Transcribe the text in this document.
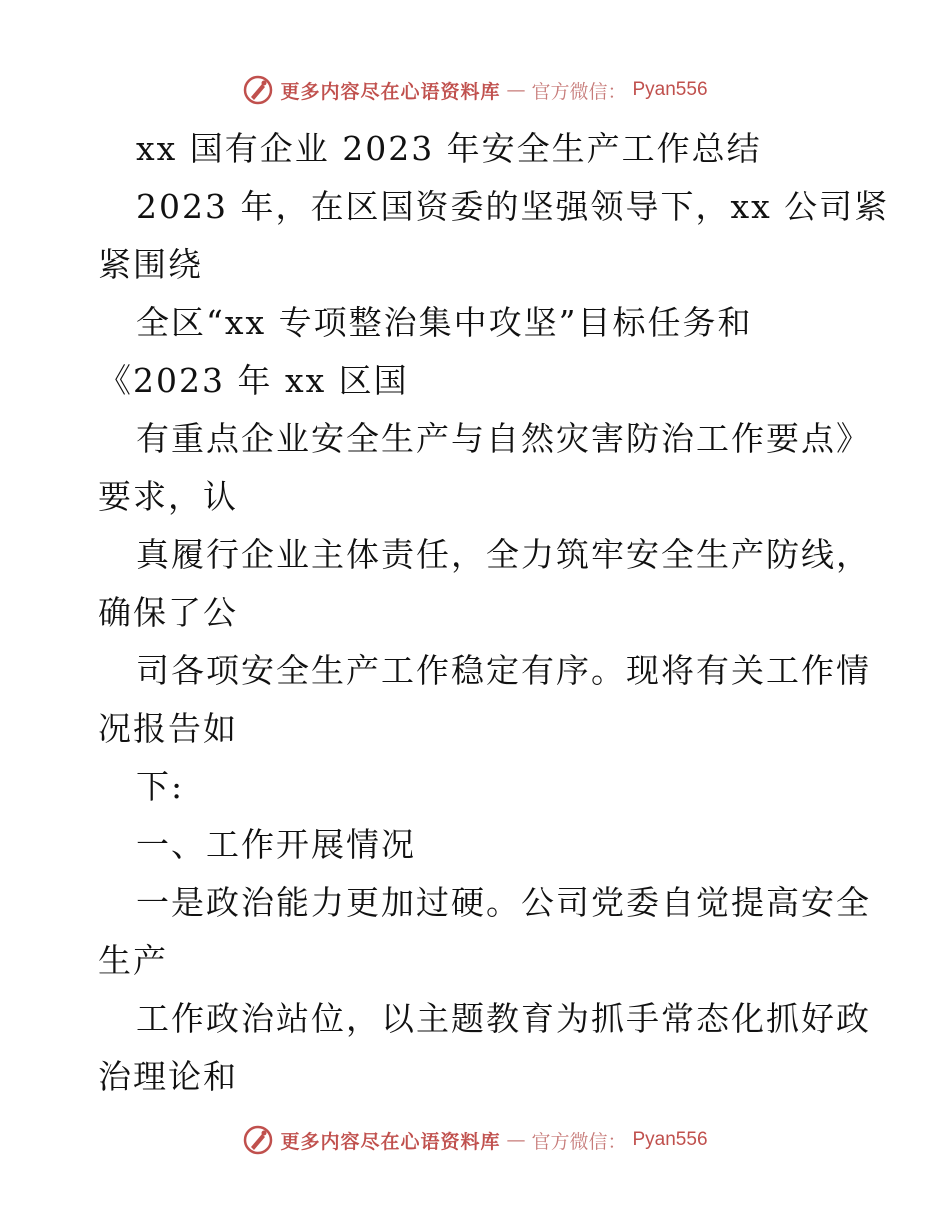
更多内容尽在心语资料库 — 官方微信： Pyan556
xx 国有企业 2023 年安全生产工作总结
2023 年，在区国资委的坚强领导下，xx 公司紧
紧围绕
全区“xx 专项整治集中攻坚”目标任务和
《2023 年 xx 区国
有重点企业安全生产与自然灾害防治工作要点》
要求，认
真履行企业主体责任，全力筑牢安全生产防线，
确保了公
司各项安全生产工作稳定有序。现将有关工作情
况报告如
下:
一、工作开展情况
一是政治能力更加过硬。公司党委自觉提高安全
生产
工作政治站位，以主题教育为抓手常态化抓好政
治理论和
更多内容尽在心语资料库 — 官方微信： Pyan556
